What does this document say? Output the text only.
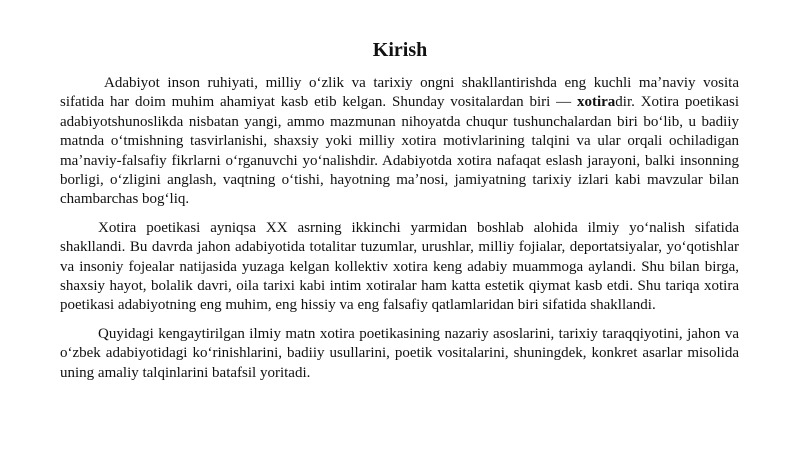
Kirish

Adabiyot inson ruhiyati, milliy oʻzlik va tarixiy ongni shakllantirishda eng kuchli maʼnaviy vosita sifatida har doim muhim ahamiyat kasb etib kelgan. Shunday vositalardan biri — xotiradir. Xotira poetikasi adabiyotshunoslikda nisbatan yangi, ammo mazmunan nihoyatda chuqur tushunchalardan biri boʻlib, u badiiy matnda oʻtmishning tasvirlanishi, shaxsiy yoki milliy xotira motivlarining talqini va ular orqali ochiladigan maʼnaviy-falsafiy fikrlarni oʻrganuvchi yoʻnalishdir. Adabiyotda xotira nafaqat eslash jarayoni, balki insonning borligi, oʻzligini anglash, vaqtning oʻtishi, hayotning maʼnosi, jamiyatning tarixiy izlari kabi mavzular bilan chambarchas bogʻliq.

Xotira poetikasi ayniqsa XX asrning ikkinchi yarmidan boshlab alohida ilmiy yoʻnalish sifatida shakllandi. Bu davrda jahon adabiyotida totalitar tuzumlar, urushlar, milliy fojialar, deportatsiyalar, yoʻqotishlar va insoniy fojealar natijasida yuzaga kelgan kollektiv xotira keng adabiy muammoga aylandi. Shu bilan birga, shaxsiy hayot, bolalik davri, oila tarixi kabi intim xotiralar ham katta estetik qiymat kasb etdi. Shu tariqa xotira poetikasi adabiyotning eng muhim, eng hissiy va eng falsafiy qatlamlaridan biri sifatida shakllandi.

Quyidagi kengaytirilgan ilmiy matn xotira poetikasining nazariy asoslarini, tarixiy taraqqiyotini, jahon va oʻzbek adabiyotidagi koʻrinishlarini, badiiy usullarini, poetik vositalarini, shuningdek, konkret asarlar misolida uning amaliy talqinlarini batafsil yoritadi.
